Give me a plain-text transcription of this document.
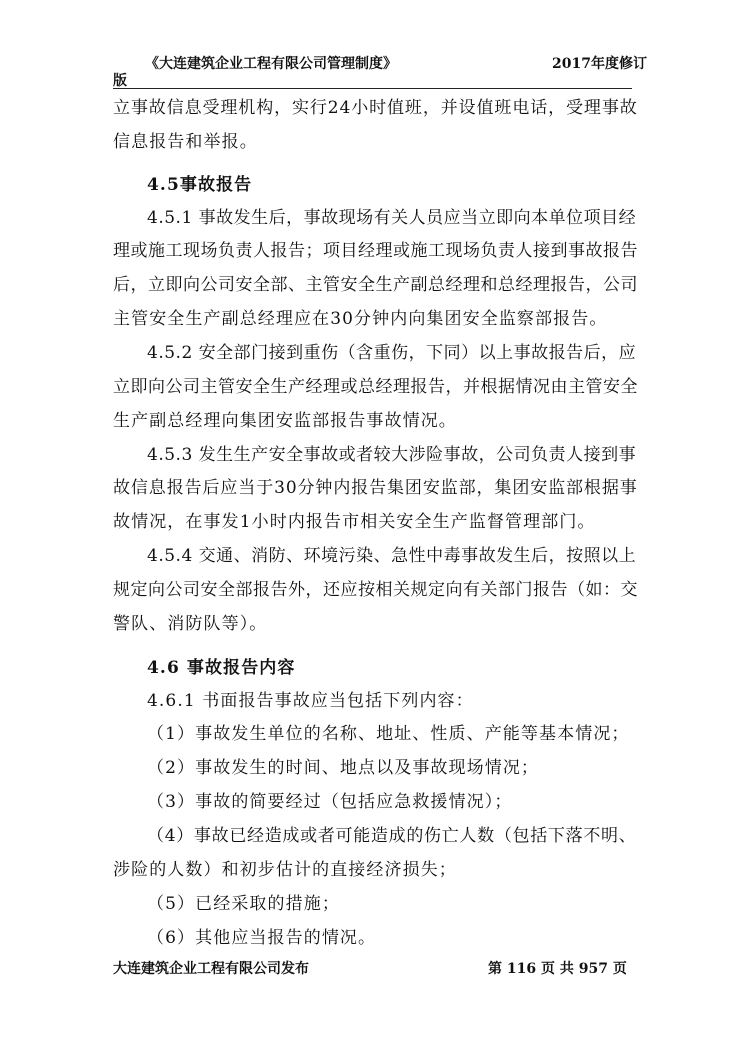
《大连建筑企业工程有限公司管理制度》	2017年度修订
版
立事故信息受理机构，实行24小时值班，并设值班电话，受理事故
信息报告和举报。
4.5事故报告
4.5.1 事故发生后，事故现场有关人员应当立即向本单位项目经
理或施工现场负责人报告；项目经理或施工现场负责人接到事故报告
后，立即向公司安全部、主管安全生产副总经理和总经理报告，公司
主管安全生产副总经理应在30分钟内向集团安全监察部报告。
4.5.2 安全部门接到重伤（含重伤，下同）以上事故报告后，应
立即向公司主管安全生产经理或总经理报告，并根据情况由主管安全
生产副总经理向集团安监部报告事故情况。
4.5.3 发生生产安全事故或者较大涉险事故，公司负责人接到事
故信息报告后应当于30分钟内报告集团安监部，集团安监部根据事
故情况，在事发1小时内报告市相关安全生产监督管理部门。
4.5.4 交通、消防、环境污染、急性中毒事故发生后，按照以上
规定向公司安全部报告外，还应按相关规定向有关部门报告（如：交
警队、消防队等）。
4.6 事故报告内容
4.6.1 书面报告事故应当包括下列内容：
（1）事故发生单位的名称、地址、性质、产能等基本情况；
（2）事故发生的时间、地点以及事故现场情况；
（3）事故的简要经过（包括应急救援情况）；
（4）事故已经造成或者可能造成的伤亡人数（包括下落不明、
涉险的人数）和初步估计的直接经济损失；
（5）已经采取的措施；
（6）其他应当报告的情况。
大连建筑企业工程有限公司发布	第 116 页 共 957 页
